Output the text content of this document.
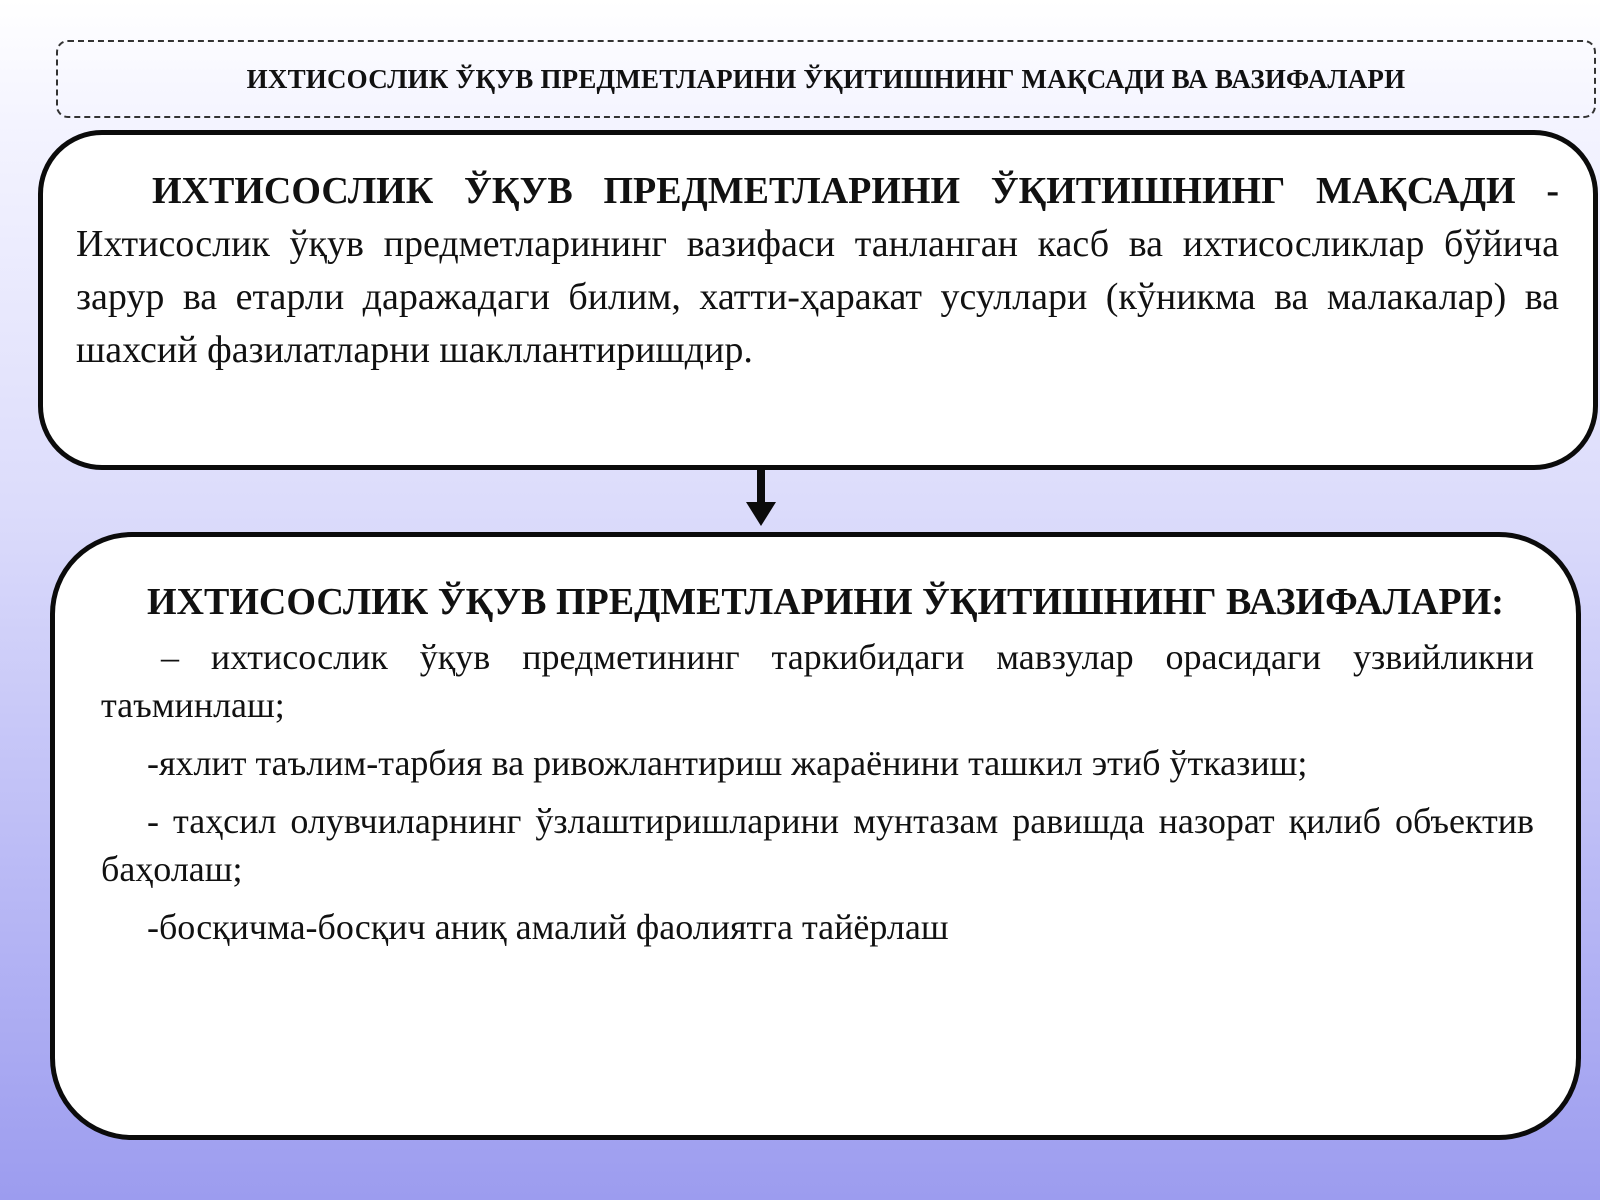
ИХТИСОСЛИК ЎҚУВ ПРЕДМЕТЛАРИНИ ЎҚИТИШНИНГ МАҚСАДИ ВА ВАЗИФАЛАРИ

ИХТИСОСЛИК ЎҚУВ ПРЕДМЕТЛАРИНИ ЎҚИТИШНИНГ МАҚСАДИ - Ихтисослик ўқув предметларининг вазифаси танланган касб ва ихтисосликлар бўйича зарур ва етарли даражадаги билим, хатти-ҳаракат усуллари (кўникма ва малакалар) ва шахсий фазилатларни шакллантиришдир.

ИХТИСОСЛИК ЎҚУВ ПРЕДМЕТЛАРИНИ ЎҚИТИШНИНГ ВАЗИФАЛАРИ:

– ихтисослик ўқув предметининг таркибидаги мавзулар орасидаги узвийликни таъминлаш;

-яхлит таълим-тарбия ва ривожлантириш жараёнини ташкил этиб ўтказиш;

- таҳсил олувчиларнинг ўзлаштиришларини мунтазам равишда назорат қилиб объектив баҳолаш;

-босқичма-босқич аниқ амалий фаолиятга тайёрлаш
